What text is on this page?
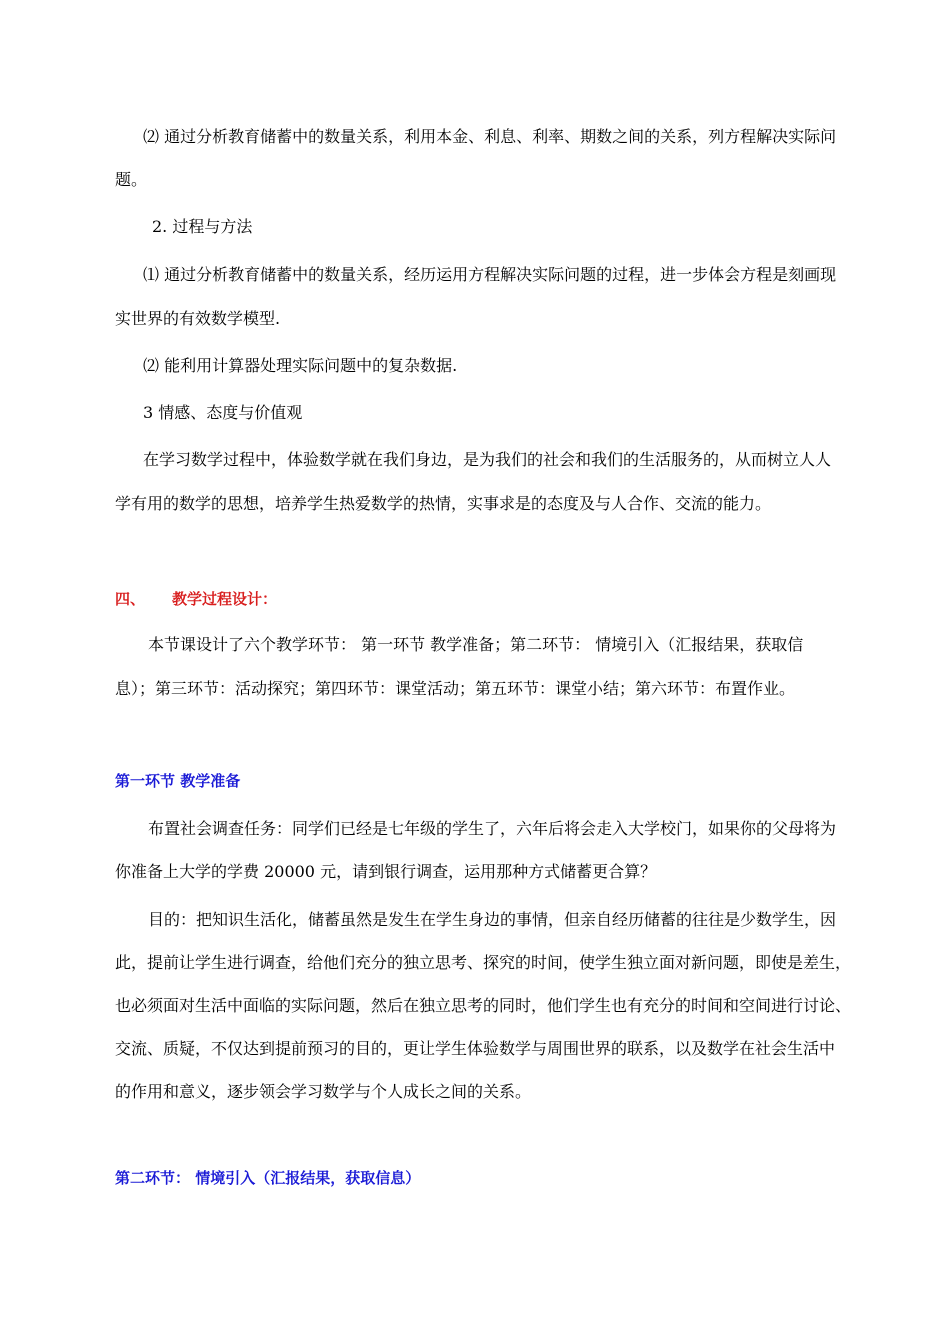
⑵ 通过分析教育储蓄中的数量关系，利用本金、利息、利率、期数之间的关系，列方程解决实际问
题。
2. 过程与方法
⑴ 通过分析教育储蓄中的数量关系，经历运用方程解决实际问题的过程，进一步体会方程是刻画现
实世界的有效数学模型.
⑵ 能利用计算器处理实际问题中的复杂数据.
3 情感、态度与价值观
在学习数学过程中，体验数学就在我们身边，是为我们的社会和我们的生活服务的，从而树立人人
学有用的数学的思想，培养学生热爱数学的热情，实事求是的态度及与人合作、交流的能力。
四、 教学过程设计：
本节课设计了六个教学环节： 第一环节 教学准备；第二环节： 情境引入（汇报结果，获取信
息）；第三环节：活动探究；第四环节：课堂活动；第五环节：课堂小结；第六环节：布置作业。
第一环节 教学准备
布置社会调查任务：同学们已经是七年级的学生了，六年后将会走入大学校门，如果你的父母将为
你准备上大学的学费 20000 元，请到银行调查，运用那种方式储蓄更合算？
目的：把知识生活化，储蓄虽然是发生在学生身边的事情，但亲自经历储蓄的往往是少数学生，因
此，提前让学生进行调查，给他们充分的独立思考、探究的时间，使学生独立面对新问题，即使是差生，
也必须面对生活中面临的实际问题，然后在独立思考的同时，他们学生也有充分的时间和空间进行讨论、
交流、质疑，不仅达到提前预习的目的，更让学生体验数学与周围世界的联系，以及数学在社会生活中
的作用和意义，逐步领会学习数学与个人成长之间的关系。
第二环节： 情境引入（汇报结果，获取信息）
